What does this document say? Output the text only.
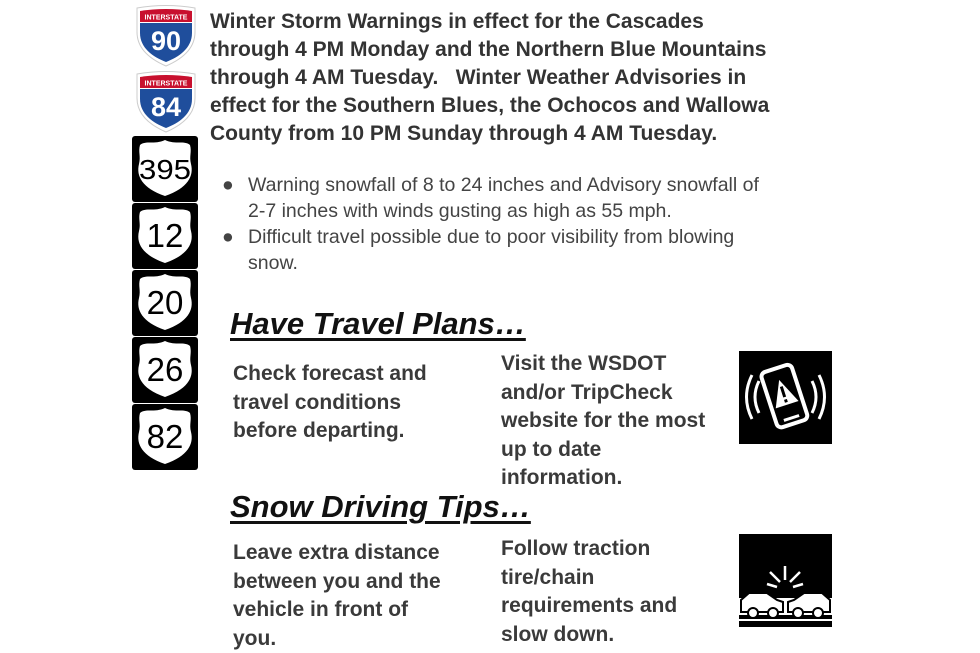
INTERSTATE
90
INTERSTATE
84
395
12
20
26
82
Winter Storm Warnings in effect for the Cascades
through 4 PM Monday and the Northern Blue Mountains
through 4 AM Tuesday.   Winter Weather Advisories in
effect for the Southern Blues, the Ochocos and Wallowa
County from 10 PM Sunday through 4 AM Tuesday.
● Warning snowfall of 8 to 24 inches and Advisory snowfall of
2-7 inches with winds gusting as high as 55 mph.
● Difficult travel possible due to poor visibility from blowing
snow.
Have Travel Plans…
Check forecast and
travel conditions
before departing.
Visit the WSDOT
and/or TripCheck
website for the most
up to date
information.
Snow Driving Tips…
Leave extra distance
between you and the
vehicle in front of
you.
Follow traction
tire/chain
requirements and
slow down.
